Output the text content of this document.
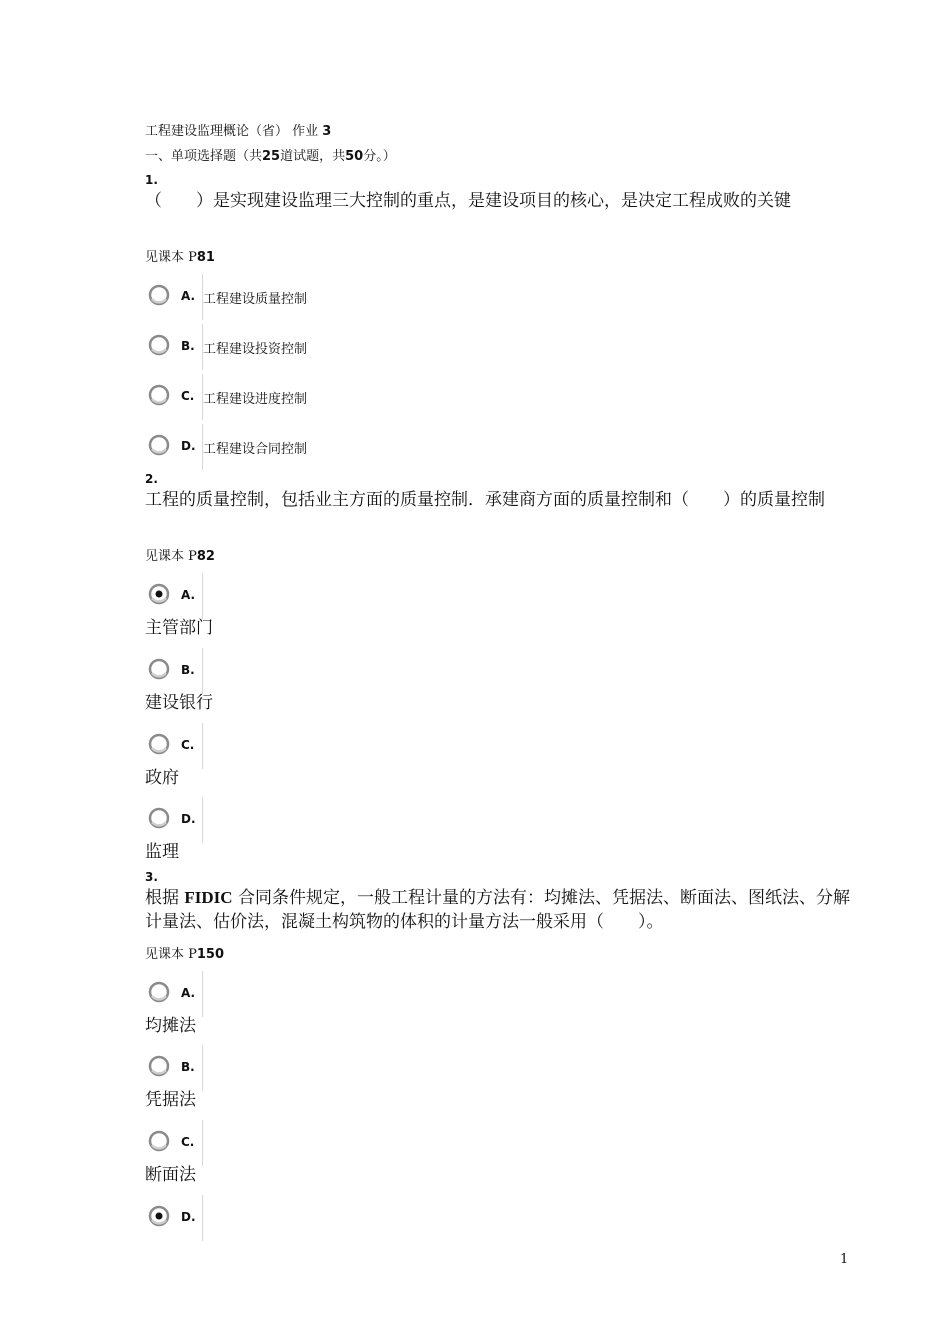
工程建设监理概论（省） 作业 3
一、单项选择题（共25道试题，共50分。）
1.
（　　）是实现建设监理三大控制的重点，是建设项目的核心，是决定工程成败的关键
见课本 P81
A. 工程建设质量控制
B. 工程建设投资控制
C. 工程建设进度控制
D. 工程建设合同控制
2.
工程的质量控制，包括业主方面的质量控制．承建商方面的质量控制和（　　）的质量控制
见课本 P82
A.
主管部门
B.
建设银行
C.
政府
D.
监理
3.
根据 FIDIC 合同条件规定，一般工程计量的方法有：均摊法、凭据法、断面法、图纸法、分解计量法、估价法，混凝土构筑物的体积的计量方法一般采用（　　）。
见课本 P150
A.
均摊法
B.
凭据法
C.
断面法
D.
1
